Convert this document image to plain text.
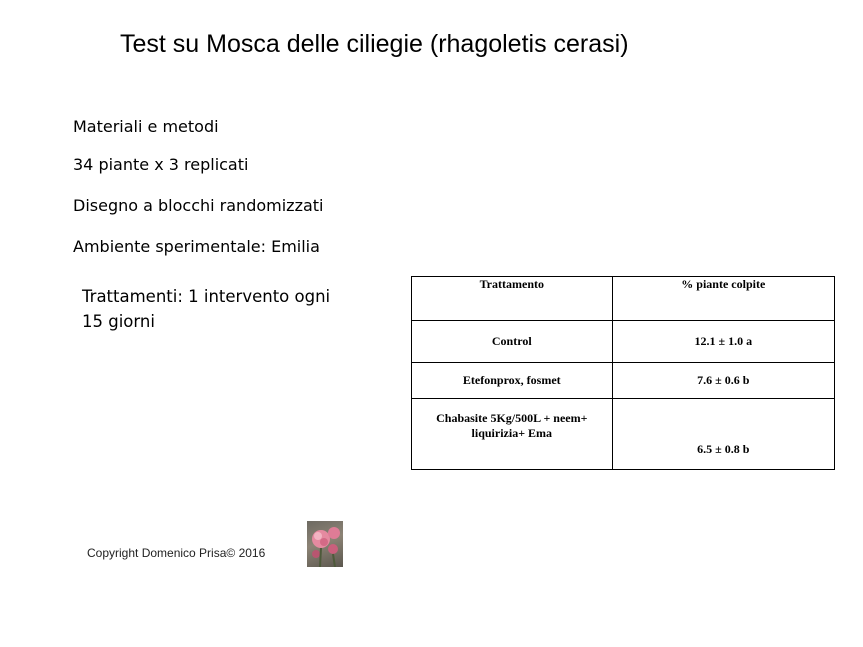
Test su Mosca delle ciliegie (rhagoletis cerasi)
Materiali e metodi
34 piante x 3 replicati
Disegno a blocchi randomizzati
Ambiente sperimentale: Emilia
Trattamenti: 1 intervento ogni 15 giorni
Trattamento	% piante colpite
Control	12.1 ± 1.0 a
Etefonprox, fosmet	7.6 ± 0.6 b
Chabasite 5Kg/500L + neem+ liquirizia+ Ema	6.5 ± 0.8 b
Copyright Domenico Prisa© 2016
